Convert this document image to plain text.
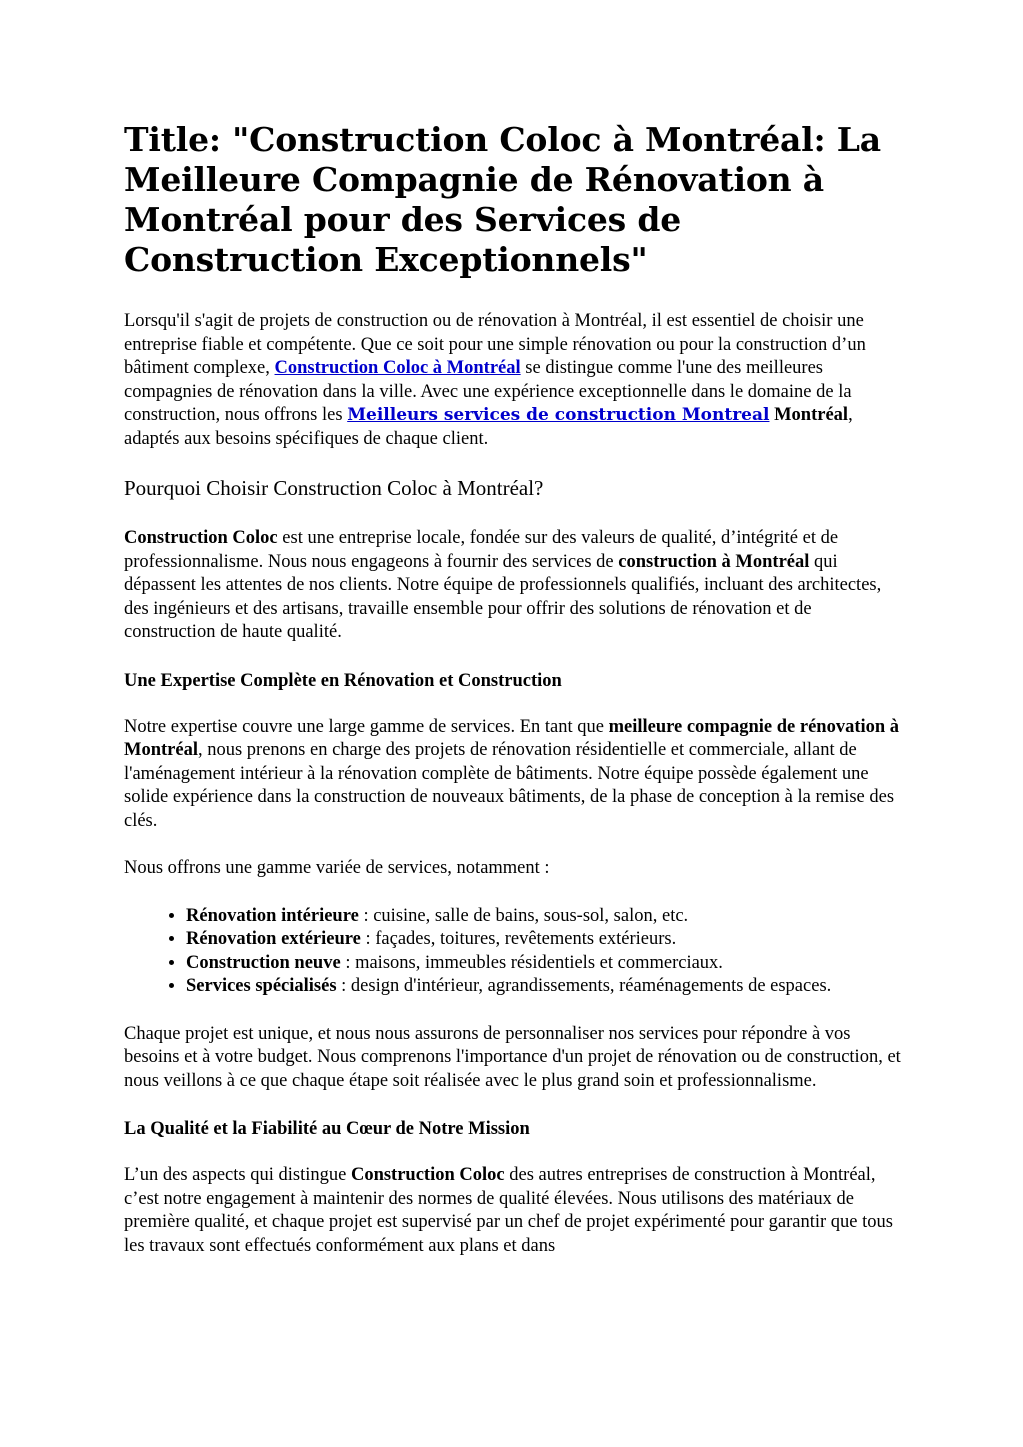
Title: "Construction Coloc à Montréal: La Meilleure Compagnie de Rénovation à Montréal pour des Services de Construction Exceptionnels"

Lorsqu'il s'agit de projets de construction ou de rénovation à Montréal, il est essentiel de choisir une entreprise fiable et compétente. Que ce soit pour une simple rénovation ou pour la construction d’un bâtiment complexe, Construction Coloc à Montréal se distingue comme l'une des meilleures compagnies de rénovation dans la ville. Avec une expérience exceptionnelle dans le domaine de la construction, nous offrons les Meilleurs services de construction Montreal Montréal, adaptés aux besoins spécifiques de chaque client.

Pourquoi Choisir Construction Coloc à Montréal?

Construction Coloc est une entreprise locale, fondée sur des valeurs de qualité, d’intégrité et de professionnalisme. Nous nous engageons à fournir des services de construction à Montréal qui dépassent les attentes de nos clients. Notre équipe de professionnels qualifiés, incluant des architectes, des ingénieurs et des artisans, travaille ensemble pour offrir des solutions de rénovation et de construction de haute qualité.

Une Expertise Complète en Rénovation et Construction

Notre expertise couvre une large gamme de services. En tant que meilleure compagnie de rénovation à Montréal, nous prenons en charge des projets de rénovation résidentielle et commerciale, allant de l'aménagement intérieur à la rénovation complète de bâtiments. Notre équipe possède également une solide expérience dans la construction de nouveaux bâtiments, de la phase de conception à la remise des clés.

Nous offrons une gamme variée de services, notamment :

• Rénovation intérieure : cuisine, salle de bains, sous-sol, salon, etc.
• Rénovation extérieure : façades, toitures, revêtements extérieurs.
• Construction neuve : maisons, immeubles résidentiels et commerciaux.
• Services spécialisés : design d'intérieur, agrandissements, réaménagements de espaces.

Chaque projet est unique, et nous nous assurons de personnaliser nos services pour répondre à vos besoins et à votre budget. Nous comprenons l'importance d'un projet de rénovation ou de construction, et nous veillons à ce que chaque étape soit réalisée avec le plus grand soin et professionnalisme.

La Qualité et la Fiabilité au Cœur de Notre Mission

L’un des aspects qui distingue Construction Coloc des autres entreprises de construction à Montréal, c’est notre engagement à maintenir des normes de qualité élevées. Nous utilisons des matériaux de première qualité, et chaque projet est supervisé par un chef de projet expérimenté pour garantir que tous les travaux sont effectués conformément aux plans et dans
